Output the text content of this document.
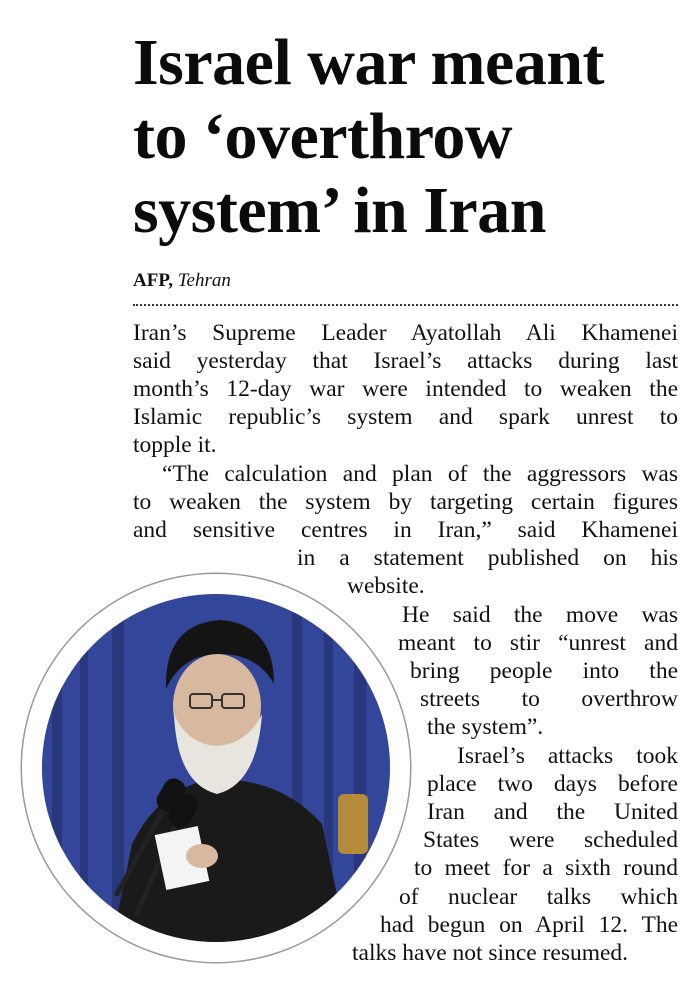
Israel war meant
to ‘overthrow
system’ in Iran
AFP, Tehran
Iran’s Supreme Leader Ayatollah Ali Khamenei
said yesterday that Israel’s attacks during last
month’s 12-day war were intended to weaken the
Islamic republic’s system and spark unrest to
topple it.
“The calculation and plan of the aggressors was
to weaken the system by targeting certain figures
and sensitive centres in Iran,” said Khamenei
in a statement published on his
website.
He said the move was
meant to stir “unrest and
bring people into the
streets to overthrow
the system”.
Israel’s attacks took
place two days before
Iran and the United
States were scheduled
to meet for a sixth round
of nuclear talks which
had begun on April 12. The
talks have not since resumed.
